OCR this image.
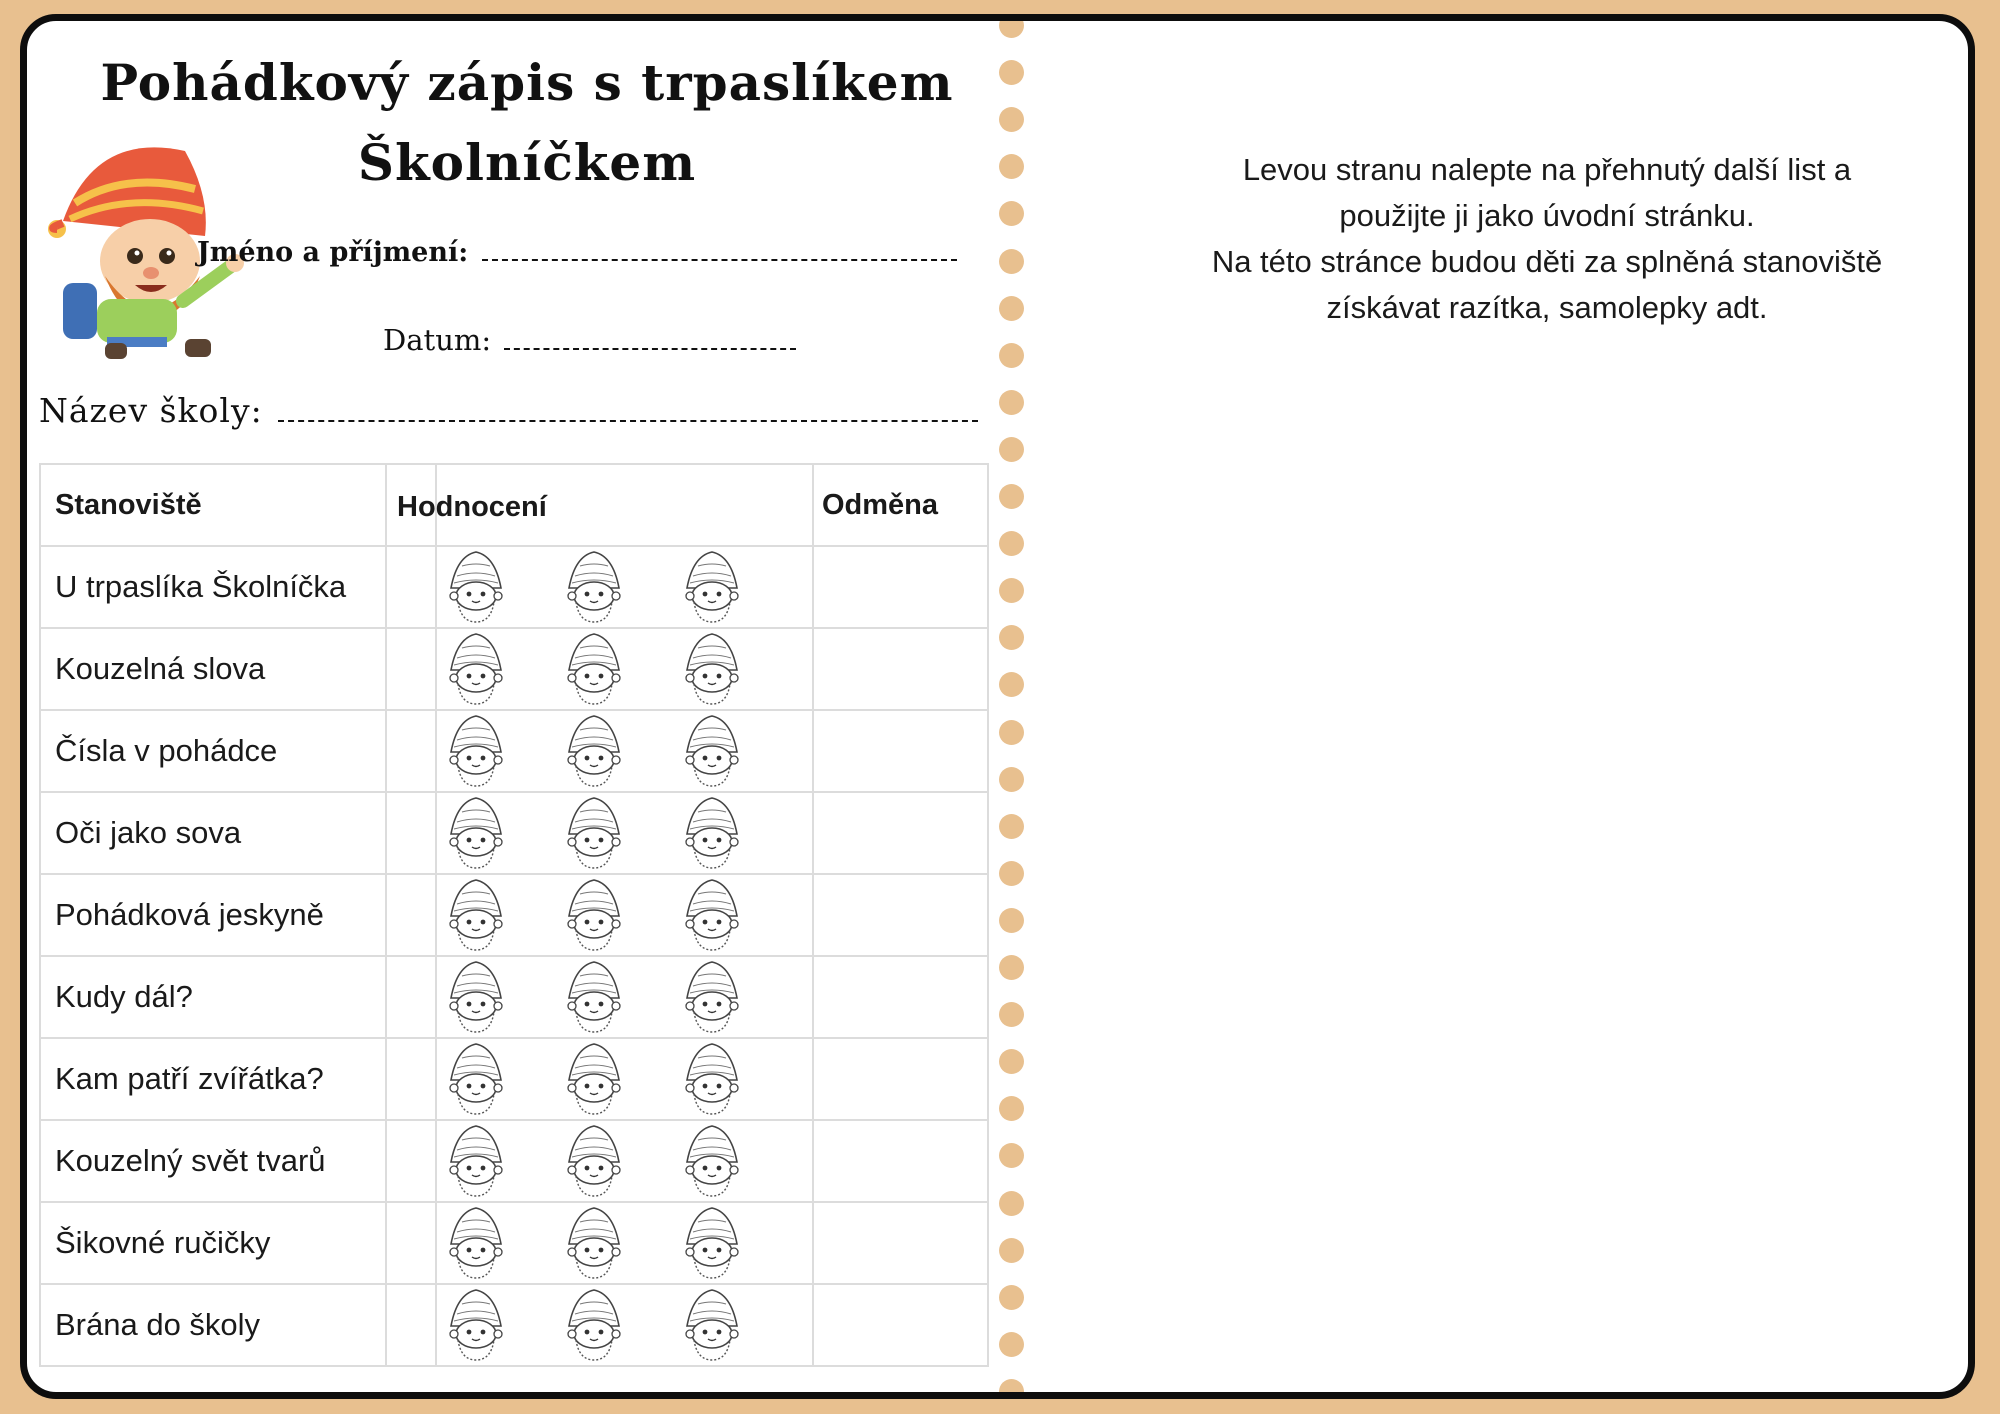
Pohádkový zápis s trpaslíkem
Školníčkem
Jméno a příjmení:
Datum:
Název školy:
Stanoviště		Hodnocení	Odměna
U trpaslíka Školníčka		

Kouzelná slova		

Čísla v pohádce		

Oči jako sova		

Pohádková jeskyně		

Kudy dál?		

Kam patří zvířátka?		

Kouzelný svět tvarů		

Šikovné ručičky		

Brána do školy		

Levou stranu nalepte na přehnutý další list a

použijte ji jako úvodní stránku.

Na této stránce budou děti za splněná stanoviště

získávat razítka, samolepky adt.
